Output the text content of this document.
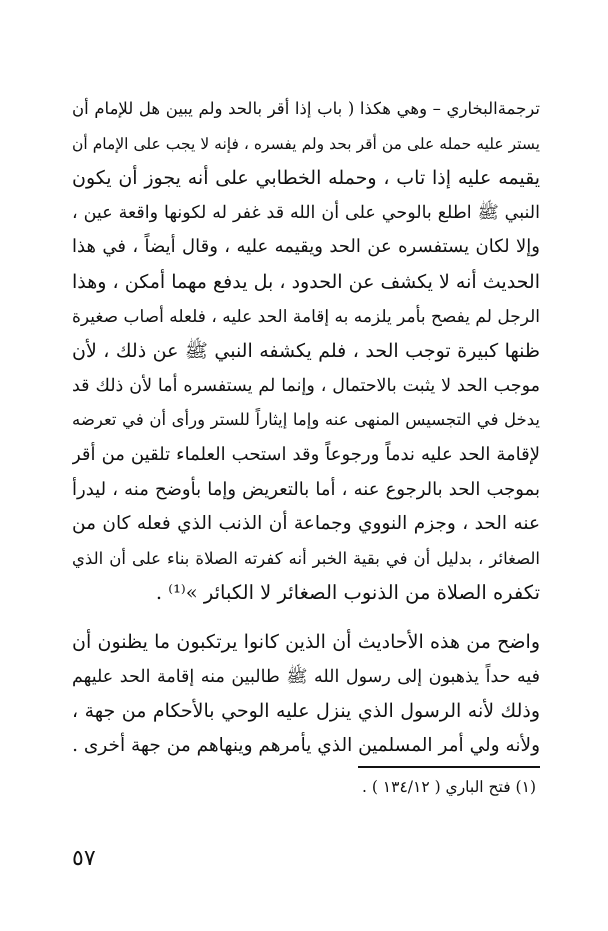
ترجمةالبخاري – وهي هكذا ( باب إذا أقر بالحد ولم يبين هل للإمام أن
يستر عليه حمله على من أقر بحد ولم يفسره ، فإنه لا يجب على الإمام أن
يقيمه عليه إذا تاب ، وحمله الخطابي على أنه يجوز أن يكون
النبي ﷺ اطلع بالوحي على أن الله قد غفر له لكونها واقعة عين ،
وإلا لكان يستفسره عن الحد ويقيمه عليه ، وقال أيضاً ، في هذا
الحديث أنه لا يكشف عن الحدود ، بل يدفع مهما أمكن ، وهذا
الرجل لم يفصح بأمر يلزمه به إقامة الحد عليه ، فلعله أصاب صغيرة
ظنها كبيرة توجب الحد ، فلم يكشفه النبي ﷺ عن ذلك ، لأن
موجب الحد لا يثبت بالاحتمال ، وإنما لم يستفسره أما لأن ذلك قد
يدخل في التجسيس المنهى عنه وإما إيثاراً للستر ورأى أن في تعرضه
لإقامة الحد عليه ندماً ورجوعاً وقد استحب العلماء تلقين من أقر
بموجب الحد بالرجوع عنه ، أما بالتعريض وإما بأوضح منه ، ليدرأ
عنه الحد ، وجزم النووي وجماعة أن الذنب الذي فعله كان من
الصغائر ، بدليل أن في بقية الخبر أنه كفرته الصلاة بناء على أن الذي
تكفره الصلاة من الذنوب الصغائر لا الكبائر »⁽¹⁾ .
واضح من هذه الأحاديث أن الذين كانوا يرتكبون ما يظنون أن
فيه حداً يذهبون إلى رسول الله ﷺ طالبين منه إقامة الحد عليهم
وذلك لأنه الرسول الذي ينزل عليه الوحي بالأحكام من جهة ،
ولأنه ولي أمر المسلمين الذي يأمرهم وينهاهم من جهة أخرى .
(١) فتح الباري ( ١٣٤/١٢ ) .
٥٧
